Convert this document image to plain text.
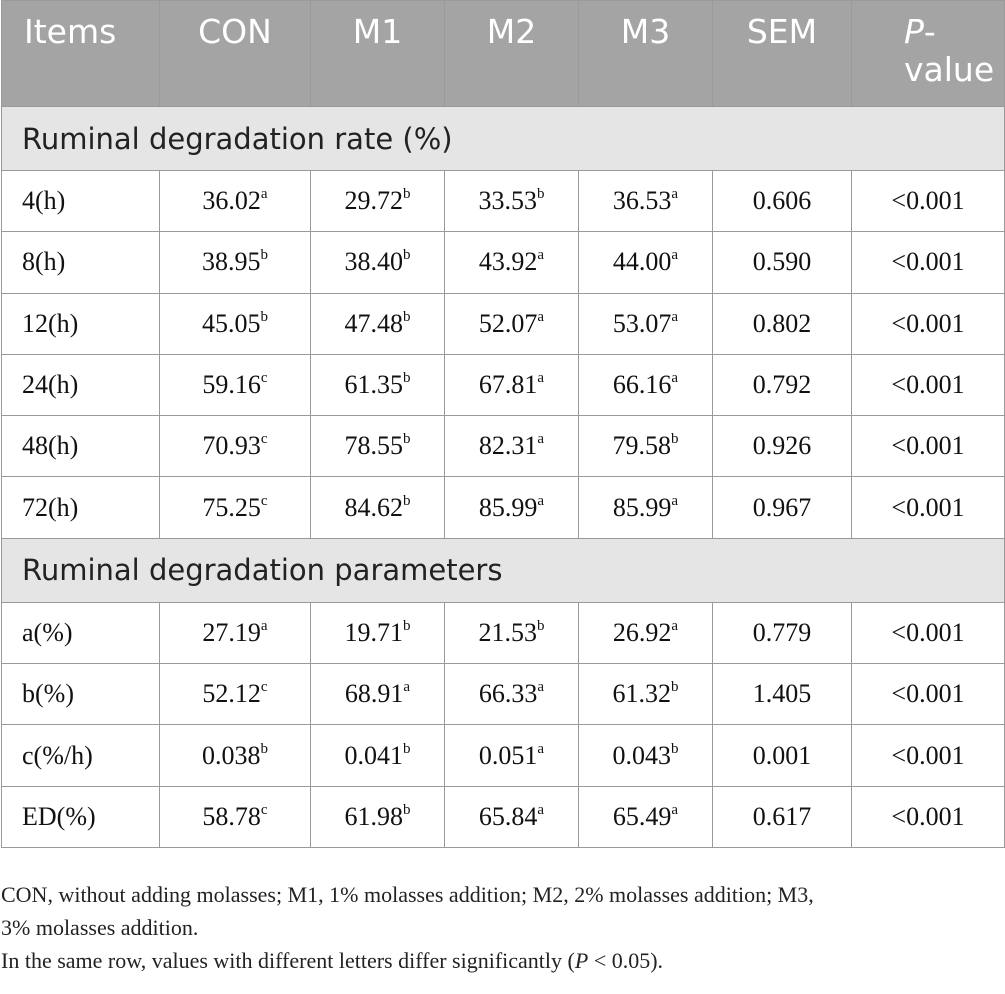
Items	CON	M1	M2	M3	SEM	P-value
Ruminal degradation rate (%)						
4(h)	36.02$^a$	29.72$^b$	33.53$^b$	36.53$^a$	0.606	<0.001
8(h)	38.95$^b$	38.40$^b$	43.92$^a$	44.00$^a$	0.590	<0.001
12(h)	45.05$^b$	47.48$^b$	52.07$^a$	53.07$^a$	0.802	<0.001
24(h)	59.16$^c$	61.35$^b$	67.81$^a$	66.16$^a$	0.792	<0.001
48(h)	70.93$^c$	78.55$^b$	82.31$^a$	79.58$^b$	0.926	<0.001
72(h)	75.25$^c$	84.62$^b$	85.99$^a$	85.99$^a$	0.967	<0.001
Ruminal degradation parameters						
a(%)	27.19$^a$	19.71$^b$	21.53$^b$	26.92$^a$	0.779	<0.001
b(%)	52.12$^c$	68.91$^a$	66.33$^a$	61.32$^b$	1.405	<0.001
c(%/h)	0.038$^b$	0.041$^b$	0.051$^a$	0.043$^b$	0.001	<0.001
ED(%)	58.78$^c$	61.98$^b$	65.84$^a$	65.49$^a$	0.617	<0.001

CON, without adding molasses; M1, 1% molasses addition; M2, 2% molasses addition; M3,

3% molasses addition.

In the same row, values with different letters differ significantly (P < 0.05).
